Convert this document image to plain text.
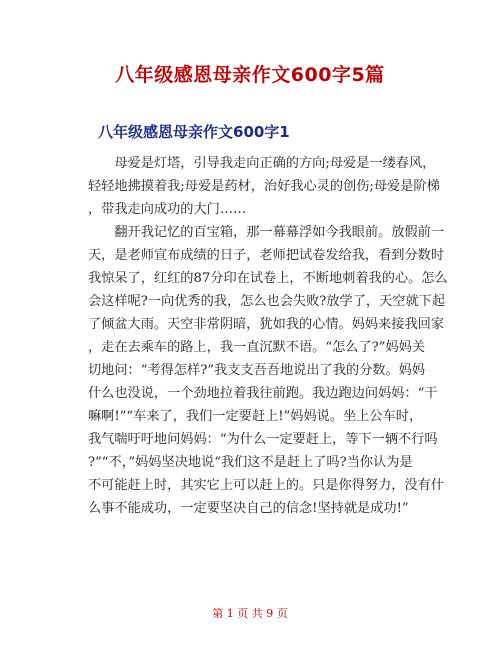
八年级感恩母亲作文600字5篇
八年级感恩母亲作文600字1
　　母爱是灯塔，引导我走向正确的方向;母爱是一缕春风，
轻轻地拂摸着我;母爱是药材，治好我心灵的创伤;母爱是阶梯
，带我走向成功的大门……
　　翻开我记忆的百宝箱，那一幕幕浮如今我眼前。放假前一
天，是老师宣布成绩的日子，老师把试卷发给我，看到分数时
我惊呆了，红红的87分印在试卷上，不断地刺着我的心。怎么
会这样呢?一向优秀的我，怎么也会失败?放学了，天空就下起
了倾盆大雨。天空非常阴暗，犹如我的心情。妈妈来接我回家
，走在去乘车的路上，我一直沉默不语。“怎么了?”妈妈关
切地问：“考得怎样?”我支支吾吾地说出了我的分数。妈妈
什么也没说，一个劲地拉着我往前跑。我边跑边问妈妈：“干
嘛啊!”“车来了，我们一定要赶上!”妈妈说。坐上公车时，
我气喘吁吁地问妈妈：“为什么一定要赶上，等下一辆不行吗
?”“不，”妈妈坚决地说“我们这不是赶上了吗?当你认为是
不可能赶上时，其实它上可以赶上的。只是你得努力，没有什
么事不能成功，一定要坚决自己的信念!坚持就是成功!”
第 1 页 共 9 页
